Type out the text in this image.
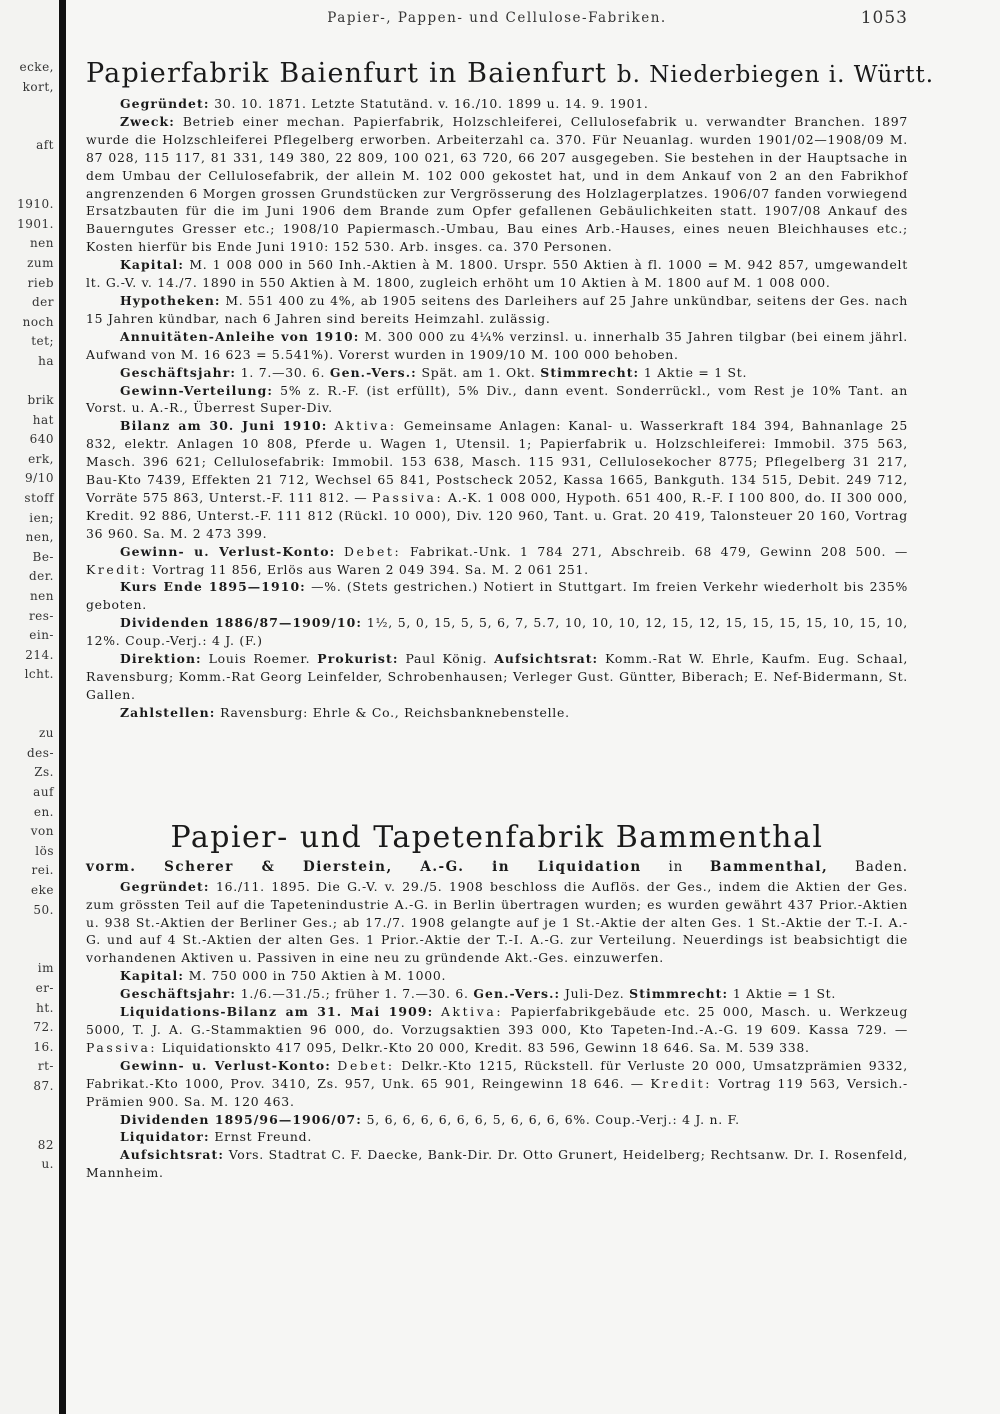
ecke,
kort,

aft

1910.
1901.
nen
zum
rieb
der
noch
tet;
ha

brik
hat
640
erk,
9/10
stoff
ien;
nen,
Be-
der.
nen
res-
ein-
214.
lcht.

zu
des-
Zs.
auf
en.
von
lös
rei.
eke
50.

im
er-
ht.
72.
16.
rt-
87.

82
u.
Papier-, Pappen- und Cellulose-Fabriken.	1053
Papierfabrik Baienfurt in Baienfurt b. Niederbiegen i. Württ.

Gegründet: 30. 10. 1871. Letzte Statutänd. v. 16./10. 1899 u. 14. 9. 1901.

Zweck: Betrieb einer mechan. Papierfabrik, Holzschleiferei, Cellulosefabrik u. verwandter Branchen. 1897 wurde die Holzschleiferei Pflegelberg erworben. Arbeiterzahl ca. 370. Für Neuanlag. wurden 1901/02—1908/09 M. 87 028, 115 117, 81 331, 149 380, 22 809, 100 021, 63 720, 66 207 ausgegeben. Sie bestehen in der Hauptsache in dem Umbau der Cellulosefabrik, der allein M. 102 000 gekostet hat, und in dem Ankauf von 2 an den Fabrikhof angrenzenden 6 Morgen grossen Grundstücken zur Vergrösserung des Holzlagerplatzes. 1906/07 fanden vorwiegend Ersatzbauten für die im Juni 1906 dem Brande zum Opfer gefallenen Gebäulichkeiten statt. 1907/08 Ankauf des Bauerngutes Gresser etc.; 1908/10 Papiermasch.-Umbau, Bau eines Arb.-Hauses, eines neuen Bleichhauses etc.; Kosten hierfür bis Ende Juni 1910: 152 530. Arb. insges. ca. 370 Personen.

Kapital: M. 1 008 000 in 560 Inh.-Aktien à M. 1800. Urspr. 550 Aktien à fl. 1000 = M. 942 857, umgewandelt lt. G.-V. v. 14./7. 1890 in 550 Aktien à M. 1800, zugleich erhöht um 10 Aktien à M. 1800 auf M. 1 008 000.

Hypotheken: M. 551 400 zu 4%, ab 1905 seitens des Darleihers auf 25 Jahre unkündbar, seitens der Ges. nach 15 Jahren kündbar, nach 6 Jahren sind bereits Heimzahl. zulässig.

Annuitäten-Anleihe von 1910: M. 300 000 zu 4¼% verzinsl. u. innerhalb 35 Jahren tilgbar (bei einem jährl. Aufwand von M. 16 623 = 5.541%). Vorerst wurden in 1909/10 M. 100 000 behoben.

Geschäftsjahr: 1. 7.—30. 6. Gen.-Vers.: Spät. am 1. Okt. Stimmrecht: 1 Aktie = 1 St.

Gewinn-Verteilung: 5% z. R.-F. (ist erfüllt), 5% Div., dann event. Sonderrückl., vom Rest je 10% Tant. an Vorst. u. A.-R., Überrest Super-Div.

Bilanz am 30. Juni 1910: Aktiva: Gemeinsame Anlagen: Kanal- u. Wasserkraft 184 394, Bahnanlage 25 832, elektr. Anlagen 10 808, Pferde u. Wagen 1, Utensil. 1; Papierfabrik u. Holzschleiferei: Immobil. 375 563, Masch. 396 621; Cellulosefabrik: Immobil. 153 638, Masch. 115 931, Cellulosekocher 8775; Pflegelberg 31 217, Bau-Kto 7439, Effekten 21 712, Wechsel 65 841, Postscheck 2052, Kassa 1665, Bankguth. 134 515, Debit. 249 712, Vorräte 575 863, Unterst.-F. 111 812. — Passiva: A.-K. 1 008 000, Hypoth. 651 400, R.-F. I 100 800, do. II 300 000, Kredit. 92 886, Unterst.-F. 111 812 (Rückl. 10 000), Div. 120 960, Tant. u. Grat. 20 419, Talonsteuer 20 160, Vortrag 36 960. Sa. M. 2 473 399.

Gewinn- u. Verlust-Konto: Debet: Fabrikat.-Unk. 1 784 271, Abschreib. 68 479, Gewinn 208 500. — Kredit: Vortrag 11 856, Erlös aus Waren 2 049 394. Sa. M. 2 061 251.

Kurs Ende 1895—1910: —%. (Stets gestrichen.) Notiert in Stuttgart. Im freien Verkehr wiederholt bis 235% geboten.

Dividenden 1886/87—1909/10: 1½, 5, 0, 15, 5, 5, 6, 7, 5.7, 10, 10, 10, 12, 15, 12, 15, 15, 15, 15, 10, 15, 10, 12%. Coup.-Verj.: 4 J. (F.)

Direktion: Louis Roemer. Prokurist: Paul König. Aufsichtsrat: Komm.-Rat W. Ehrle, Kaufm. Eug. Schaal, Ravensburg; Komm.-Rat Georg Leinfelder, Schrobenhausen; Verleger Gust. Güntter, Biberach; E. Nef-Bidermann, St. Gallen.

Zahlstellen: Ravensburg: Ehrle & Co., Reichsbanknebenstelle.

Papier- und Tapetenfabrik Bammenthal
vorm. Scherer & Dierstein, A.-G. in Liquidation in Bammenthal, Baden.

Gegründet: 16./11. 1895. Die G.-V. v. 29./5. 1908 beschloss die Auflös. der Ges., indem die Aktien der Ges. zum grössten Teil auf die Tapetenindustrie A.-G. in Berlin übertragen wurden; es wurden gewährt 437 Prior.-Aktien u. 938 St.-Aktien der Berliner Ges.; ab 17./7. 1908 gelangte auf je 1 St.-Aktie der alten Ges. 1 St.-Aktie der T.-I. A.-G. und auf 4 St.-Aktien der alten Ges. 1 Prior.-Aktie der T.-I. A.-G. zur Verteilung. Neuerdings ist beabsichtigt die vorhandenen Aktiven u. Passiven in eine neu zu gründende Akt.-Ges. einzuwerfen.

Kapital: M. 750 000 in 750 Aktien à M. 1000.

Geschäftsjahr: 1./6.—31./5.; früher 1. 7.—30. 6. Gen.-Vers.: Juli-Dez. Stimmrecht: 1 Aktie = 1 St.

Liquidations-Bilanz am 31. Mai 1909: Aktiva: Papierfabrikgebäude etc. 25 000, Masch. u. Werkzeug 5000, T. J. A. G.-Stammaktien 96 000, do. Vorzugsaktien 393 000, Kto Tapeten-Ind.-A.-G. 19 609. Kassa 729. — Passiva: Liquidationskto 417 095, Delkr.-Kto 20 000, Kredit. 83 596, Gewinn 18 646. Sa. M. 539 338.

Gewinn- u. Verlust-Konto: Debet: Delkr.-Kto 1215, Rückstell. für Verluste 20 000, Umsatzprämien 9332, Fabrikat.-Kto 1000, Prov. 3410, Zs. 957, Unk. 65 901, Reingewinn 18 646. — Kredit: Vortrag 119 563, Versich.-Prämien 900. Sa. M. 120 463.

Dividenden 1895/96—1906/07: 5, 6, 6, 6, 6, 6, 6, 5, 6, 6, 6, 6%. Coup.-Verj.: 4 J. n. F.

Liquidator: Ernst Freund.

Aufsichtsrat: Vors. Stadtrat C. F. Daecke, Bank-Dir. Dr. Otto Grunert, Heidelberg; Rechtsanw. Dr. I. Rosenfeld, Mannheim.
